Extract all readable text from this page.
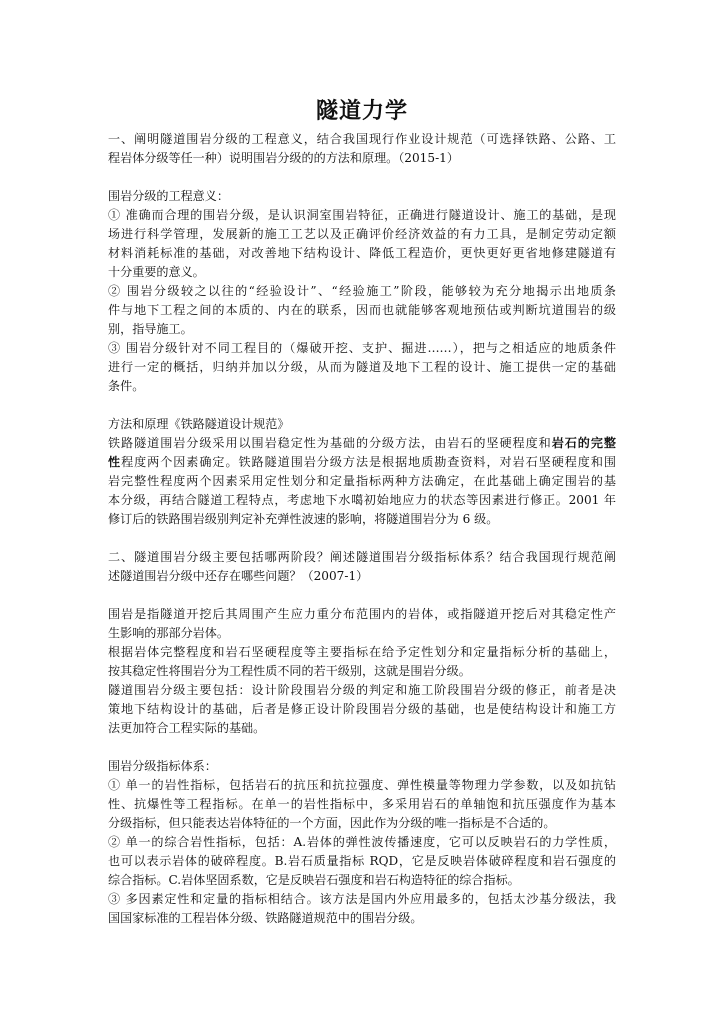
隧道力学
一、阐明隧道围岩分级的工程意义，结合我国现行作业设计规范（可选择铁路、公路、工
程岩体分级等任一种）说明围岩分级的的方法和原理。（2015-1）
围岩分级的工程意义：
① 准确而合理的围岩分级，是认识洞室围岩特征，正确进行隧道设计、施工的基础，是现
场进行科学管理，发展新的施工工艺以及正确评价经济效益的有力工具，是制定劳动定额
材料消耗标准的基础，对改善地下结构设计、降低工程造价，更快更好更省地修建隧道有
十分重要的意义。
② 围岩分级较之以往的“经验设计”、“经验施工”阶段，能够较为充分地揭示出地质条
件与地下工程之间的本质的、内在的联系，因而也就能够客观地预估或判断坑道围岩的级
别，指导施工。
③ 围岩分级针对不同工程目的（爆破开挖、支护、掘进……），把与之相适应的地质条件
进行一定的概括，归纳并加以分级，从而为隧道及地下工程的设计、施工提供一定的基础
条件。
方法和原理《铁路隧道设计规范》
铁路隧道围岩分级采用以围岩稳定性为基础的分级方法，由岩石的坚硬程度和岩石的完整
性程度两个因素确定。铁路隧道围岩分级方法是根据地质勘查资料，对岩石坚硬程度和围
岩完整性程度两个因素采用定性划分和定量指标两种方法确定，在此基础上确定围岩的基
本分级，再结合隧道工程特点，考虑地下水噶初始地应力的状态等因素进行修正。2001 年
修订后的铁路围岩级别判定补充弹性波速的影响，将隧道围岩分为 6 级。
二、隧道围岩分级主要包括哪两阶段？阐述隧道围岩分级指标体系？结合我国现行规范阐
述隧道围岩分级中还存在哪些问题？（2007-1）
围岩是指隧道开挖后其周围产生应力重分布范围内的岩体，或指隧道开挖后对其稳定性产
生影响的那部分岩体。
根据岩体完整程度和岩石坚硬程度等主要指标在给予定性划分和定量指标分析的基础上，
按其稳定性将围岩分为工程性质不同的若干级别，这就是围岩分级。
隧道围岩分级主要包括：设计阶段围岩分级的判定和施工阶段围岩分级的修正，前者是决
策地下结构设计的基础，后者是修正设计阶段围岩分级的基础，也是使结构设计和施工方
法更加符合工程实际的基础。
围岩分级指标体系：
① 单一的岩性指标，包括岩石的抗压和抗拉强度、弹性模量等物理力学参数，以及如抗钻
性、抗爆性等工程指标。在单一的岩性指标中，多采用岩石的单轴饱和抗压强度作为基本
分级指标，但只能表达岩体特征的一个方面，因此作为分级的唯一指标是不合适的。
② 单一的综合岩性指标，包括：A.岩体的弹性波传播速度，它可以反映岩石的力学性质，
也可以表示岩体的破碎程度。B.岩石质量指标 RQD，它是反映岩体破碎程度和岩石强度的
综合指标。C.岩体坚固系数，它是反映岩石强度和岩石构造特征的综合指标。
③ 多因素定性和定量的指标相结合。该方法是国内外应用最多的，包括太沙基分级法，我
国国家标准的工程岩体分级、铁路隧道规范中的围岩分级。
